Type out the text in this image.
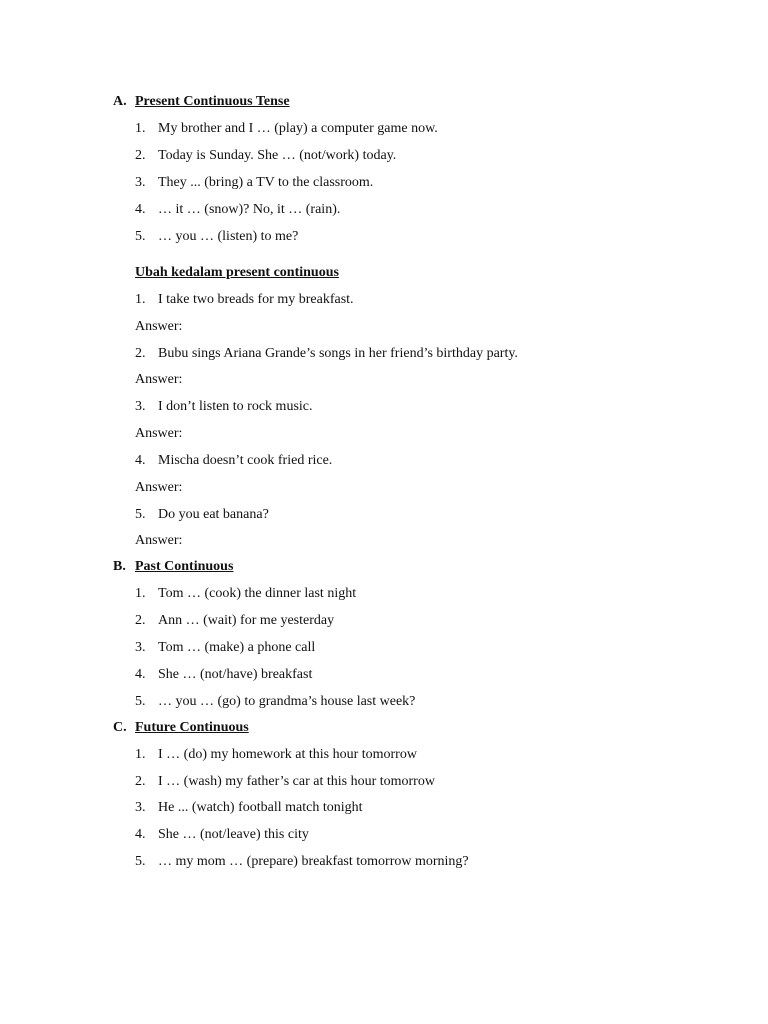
A. Present Continuous Tense
1. My brother and I … (play) a computer game now.
2. Today is Sunday. She … (not/work) today.
3. They ... (bring) a TV to the classroom.
4. … it … (snow)? No, it … (rain).
5. … you … (listen) to me?
Ubah kedalam present continuous
1. I take two breads for my breakfast.
Answer:
2. Bubu sings Ariana Grande’s songs in her friend’s birthday party.
Answer:
3. I don’t listen to rock music.
Answer:
4. Mischa doesn’t cook fried rice.
Answer:
5. Do you eat banana?
Answer:
B. Past Continuous
1. Tom … (cook) the dinner last night
2. Ann … (wait) for me yesterday
3. Tom … (make) a phone call
4. She … (not/have) breakfast
5. … you … (go) to grandma’s house last week?
C. Future Continuous
1. I … (do) my homework at this hour tomorrow
2. I … (wash) my father’s car at this hour tomorrow
3. He ... (watch) football match tonight
4. She … (not/leave) this city
5. … my mom … (prepare) breakfast tomorrow morning?
